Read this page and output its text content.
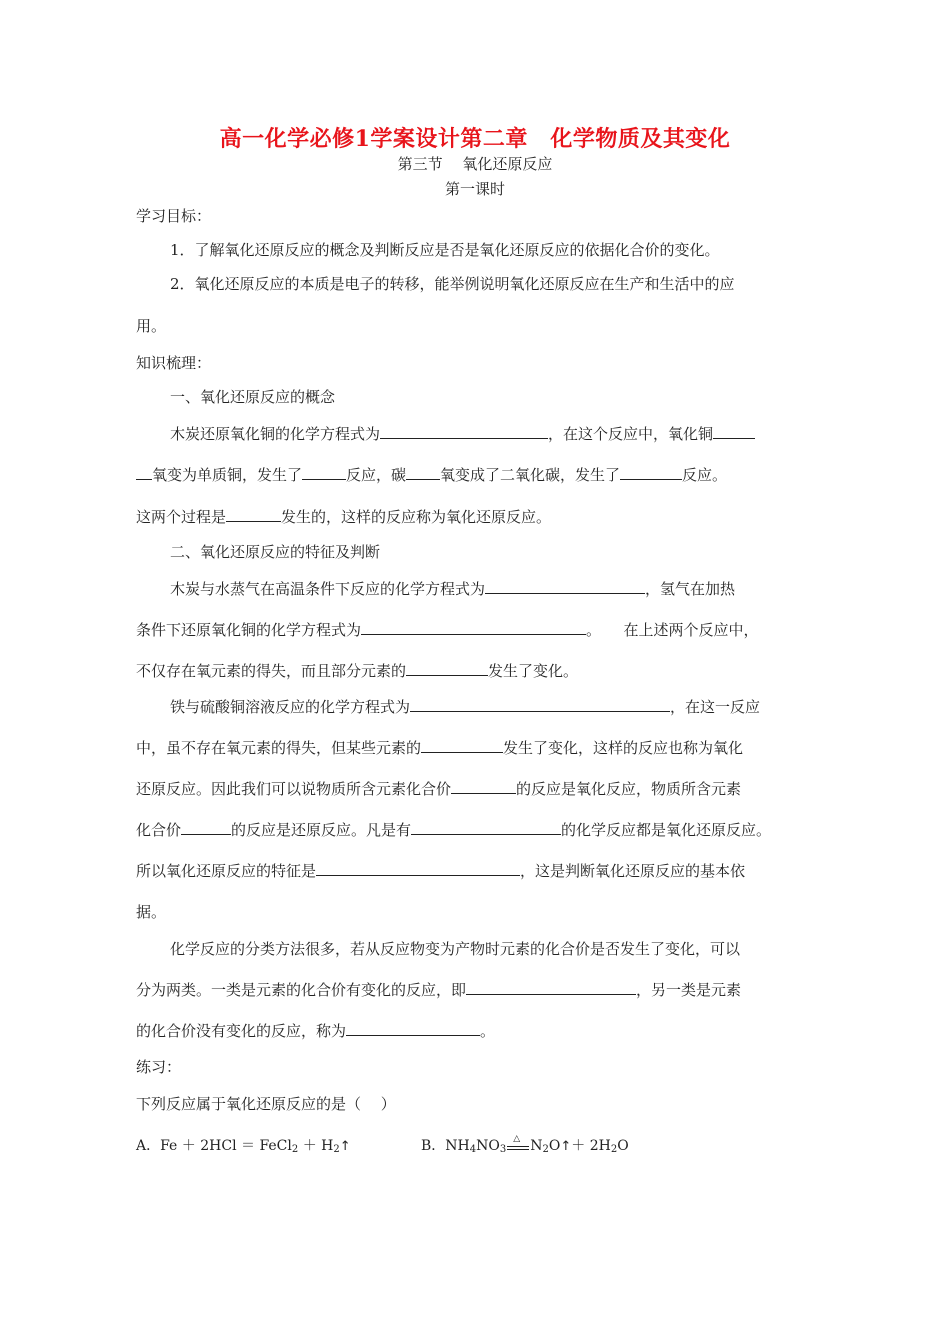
高一化学必修1学案设计第二章　化学物质及其变化
第三节　 氧化还原反应
第一课时
学习目标：
1．了解氧化还原反应的概念及判断反应是否是氧化还原反应的依据化合价的变化。
2．氧化还原反应的本质是电子的转移，能举例说明氧化还原反应在生产和生活中的应
用。
知识梳理：
一、氧化还原反应的概念
木炭还原氧化铜的化学方程式为	，在这个反应中，氧化铜
氧变为单质铜，发生了	反应，碳 氧变成了二氧化碳，发生了	反应。
这两个过程是	发生的，这样的反应称为氧化还原反应。
二、氧化还原反应的特征及判断
木炭与水蒸气在高温条件下反应的化学方程式为	，氢气在加热
条件下还原氧化铜的化学方程式为	。　　在上述两个反应中，
不仅存在氧元素的得失，而且部分元素的	发生了变化。
铁与硫酸铜溶液反应的化学方程式为	，在这一反应
中，虽不存在氧元素的得失，但某些元素的	发生了变化，这样的反应也称为氧化
还原反应。因此我们可以说物质所含元素化合价	的反应是氧化反应，物质所含元素
化合价	的反应是还原反应。凡是有	的化学反应都是氧化还原反应。
所以氧化还原反应的特征是	，这是判断氧化还原反应的基本依
据。
化学反应的分类方法很多，若从反应物变为产物时元素的化合价是否发生了变化，可以
分为两类。一类是元素的化合价有变化的反应，即	，另一类是元素
的化合价没有变化的反应，称为	。
练习：
下列反应属于氧化还原反应的是（　 ）
A．Fe ＋ 2HCl ＝ FeCl$_2$ ＋ $H_2↑$	B．$NH_4NO_3$
△ $N_2O↑+ 2H_2O$
